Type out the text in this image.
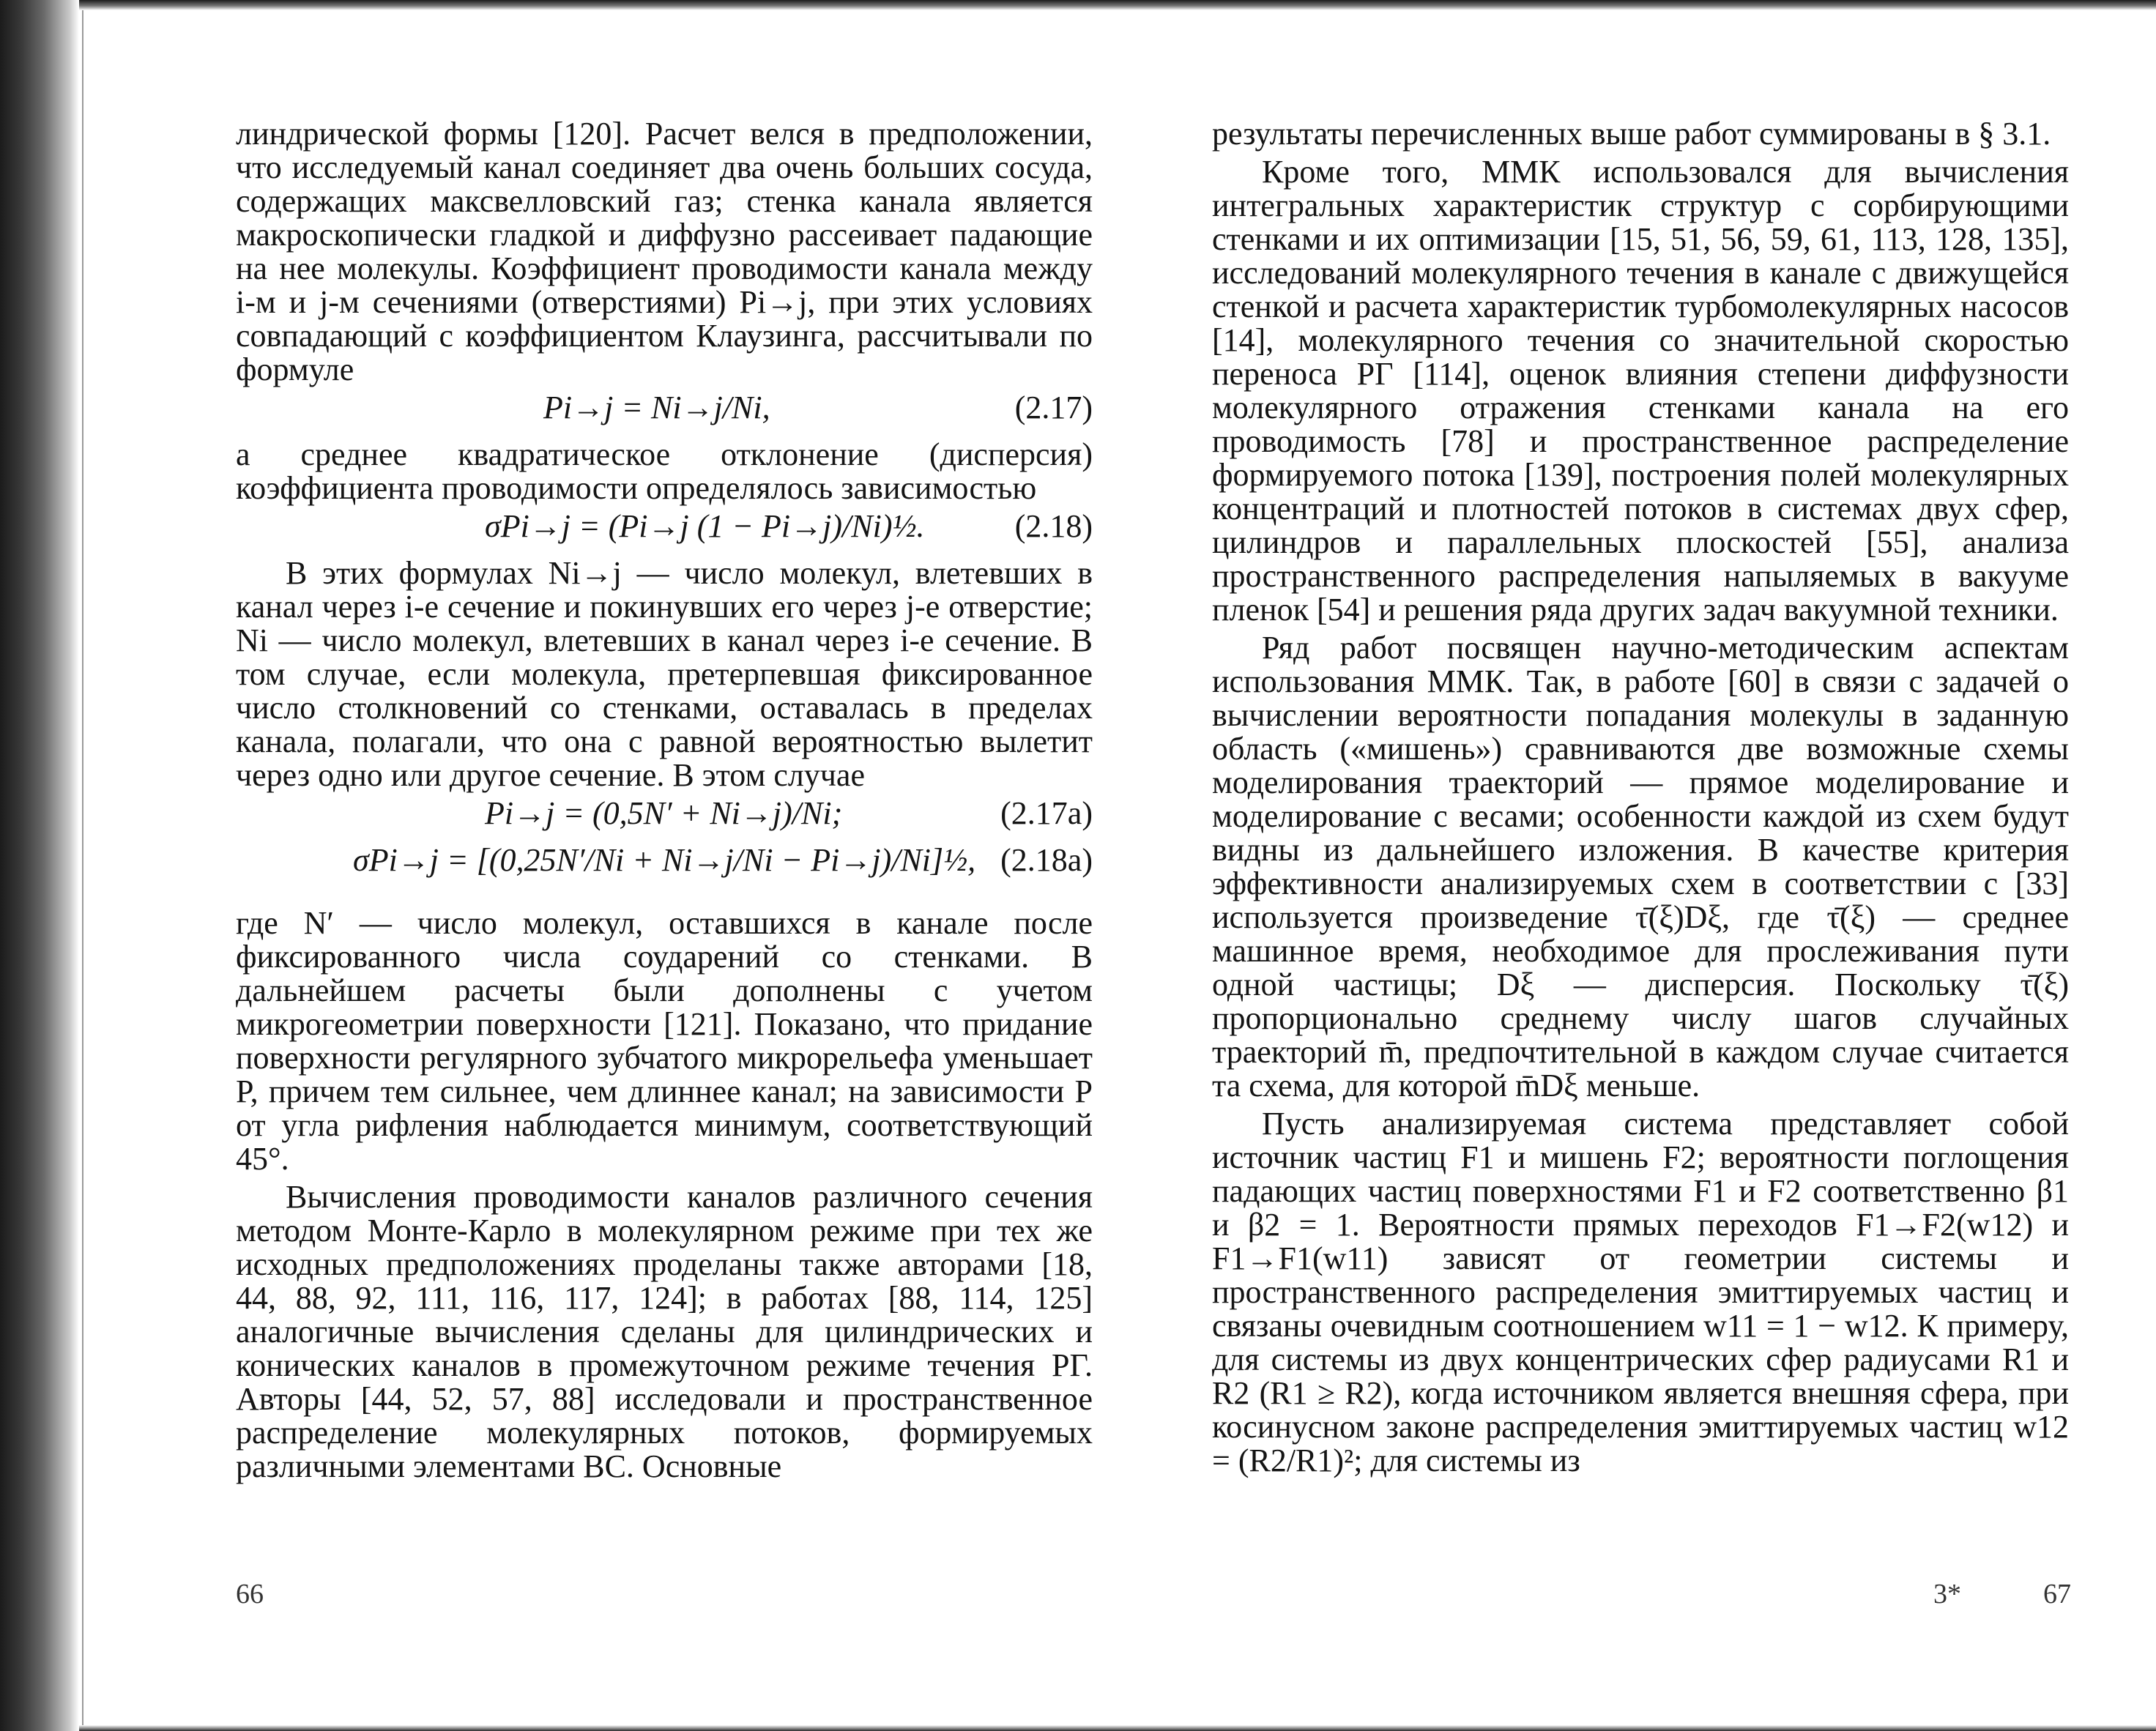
линдрической формы [120]. Расчет велся в предположении, что исследуемый канал соединяет два очень больших сосуда, содержащих максвелловский газ; стенка канала является макроскопически гладкой и диффузно рассеивает падающие на нее молекулы. Коэффициент проводимости канала между i-м и j-м сечениями (отверстиями) Pi→j, при этих условиях совпадающий с коэффициентом Клаузинга, рассчитывали по формуле

Pi→j = Ni→j/Ni,	(2.17)

а среднее квадратическое отклонение (дисперсия) коэффициента проводимости определялось зависимостью

σPi→j = (Pi→j (1 − Pi→j)/Ni)½.	(2.18)

В этих формулах Ni→j — число молекул, влетевших в канал через i-е сечение и покинувших его через j-е отверстие; Ni — число молекул, влетевших в канал через i-е сечение. В том случае, если молекула, претерпевшая фиксированное число столкновений со стенками, оставалась в пределах канала, полагали, что она с равной вероятностью вылетит через одно или другое сечение. В этом случае

Pi→j = (0,5N′ + Ni→j)/Ni;	(2.17a)
σPi→j = [(0,25N′/Ni + Ni→j/Ni − Pi→j)/Ni]½, (2.18a)

где N′ — число молекул, оставшихся в канале после фиксированного числа соударений со стенками. В дальнейшем расчеты были дополнены с учетом микрогеометрии поверхности [121]. Показано, что придание поверхности регулярного зубчатого микрорельефа уменьшает P, причем тем сильнее, чем длиннее канал; на зависимости P от угла рифления наблюдается минимум, соответствующий 45°.

Вычисления проводимости каналов различного сечения методом Монте-Карло в молекулярном режиме при тех же исходных предположениях проделаны также авторами [18, 44, 88, 92, 111, 116, 117, 124]; в работах [88, 114, 125] аналогичные вычисления сделаны для цилиндрических и конических каналов в промежуточном режиме течения РГ. Авторы [44, 52, 57, 88] исследовали и пространственное распределение молекулярных потоков, формируемых различными элементами ВС. Основные

результаты перечисленных выше работ суммированы в § 3.1.

Кроме того, ММК использовался для вычисления интегральных характеристик структур с сорбирующими стенками и их оптимизации [15, 51, 56, 59, 61, 113, 128, 135], исследований молекулярного течения в канале с движущейся стенкой и расчета характеристик турбомолекулярных насосов [14], молекулярного течения со значительной скоростью переноса РГ [114], оценок влияния степени диффузности молекулярного отражения стенками канала на его проводимость [78] и пространственное распределение формируемого потока [139], построения полей молекулярных концентраций и плотностей потоков в системах двух сфер, цилиндров и параллельных плоскостей [55], анализа пространственного распределения напыляемых в вакууме пленок [54] и решения ряда других задач вакуумной техники.

Ряд работ посвящен научно-методическим аспектам использования ММК. Так, в работе [60] в связи с задачей о вычислении вероятности попадания молекулы в заданную область («мишень») сравниваются две возможные схемы моделирования траекторий — прямое моделирование и моделирование с весами; особенности каждой из схем будут видны из дальнейшего изложения. В качестве критерия эффективности анализируемых схем в соответствии с [33] используется произведение τ̄(ξ)Dξ, где τ̄(ξ) — среднее машинное время, необходимое для прослеживания пути одной частицы; Dξ — дисперсия. Поскольку τ̄(ξ) пропорционально среднему числу шагов случайных траекторий m̄, предпочтительной в каждом случае считается та схема, для которой m̄Dξ меньше.

Пусть анализируемая система представляет собой источник частиц F1 и мишень F2; вероятности поглощения падающих частиц поверхностями F1 и F2 соответственно β1 и β2 = 1. Вероятности прямых переходов F1→F2(w12) и F1→F1(w11) зависят от геометрии системы и пространственного распределения эмиттируемых частиц и связаны очевидным соотношением w11 = 1 − w12. К примеру, для системы из двух концентрических сфер радиусами R1 и R2 (R1 ≥ R2), когда источником является внешняя сфера, при косинусном законе распределения эмиттируемых частиц w12 = (R2/R1)²; для системы из

66	3*	67
